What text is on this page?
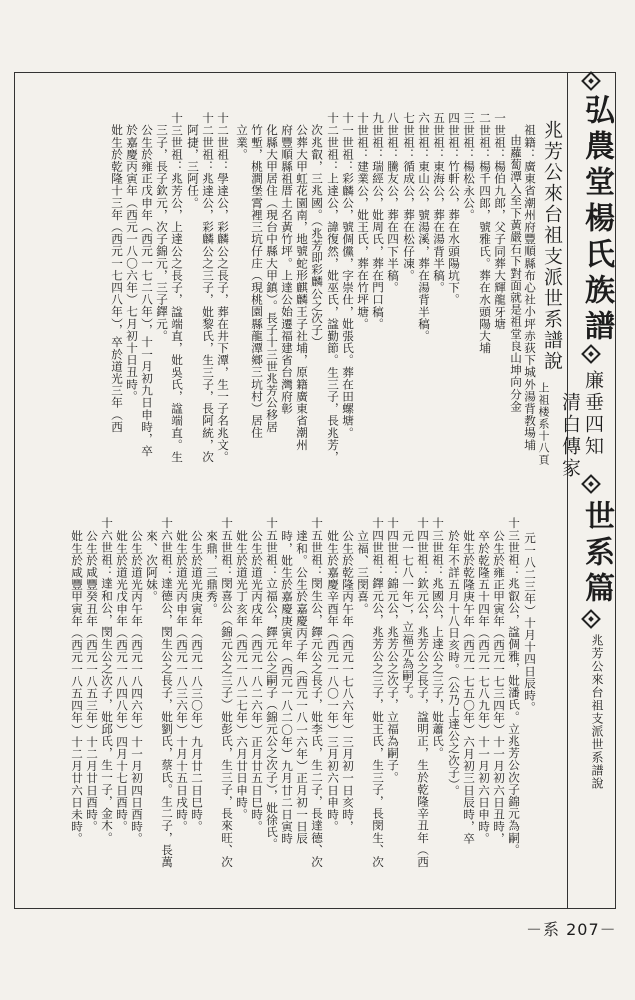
上祖楼系十八頁
兆芳公來台祖支派世系譜說
祖籍：廣東省潮州府豐順縣布心社小坪赤荻下城外湯背教場埔
由蘿蔔潭入至下黃嚴石下對面就是祖堂良山坤向分金
一世祖：楊伯九郎，父子同葬大輝龍牙塘
二世祖：楊千四郎，號雅氏。葬在水頭陽大埔
三世祖：楊松永公。
四世祖：竹軒公，葬在水頭陽坑下。
五世祖：東海公，葬在湯背半稿。
六世祖：東山公，號湯溪，葬在湯背半稿。
七世祖：循成公，葬在松仔凍。
八世祖：騰友公，葬在四下半稿。
九世祖：瑞經公，妣周氏，葬在門口稿。
十世祖：建業公，妣王氏，葬在竹坪塘。
十一世祖：彩麟公，號倜儻，字崇仕，妣張氏。葬在田螺塘。
十二世祖：上達公，諱復然，妣巫氏，諡勤節。生三子，長兆芳，
次兆叡，三兆國。（兆芳即彩麟公之次子）
公葬大甲虹花園南，地號蛇形麒麟王子社埔，原籍廣東省潮州
府豐順縣祖厝土名黃竹坪。上達公始遷福建省台灣府彰
化縣大甲居住（現台中縣大甲鎮）。長子十三世兆芳公移居
竹塹，桃澗堡霄裡三坑仔庄（現桃園縣龍潭鄉三坑村）居住
立業。
十二世祖：學達公，彩麟公之長子，葬在井下潭，生一子名兆文。
十二世祖：兆達公，彩麟公之三子，妣黎氏，生三子，長阿統，次
阿捷，三阿任。
十三世祖：兆芳公，上達公之長子，諡端直，妣吳氏，諡端直。生
三子，長子欽元，次子錦元，三子鐸元。
公生於雍正戊申年（西元一七二八年），十一月初九日申時，卒
於嘉慶丙寅年（西元一八〇六年）七月初十日丑時。
妣生於乾隆十三年（西元一七四八年），卒於道光三年（西
元一八二三年）十月十四日辰時。
十三世祖：兆叡公，諡倜雅，妣潘氏。立兆芳公次子錦元為嗣。
公生於雍正甲寅年（西元一七三四年）十一月初六日丑時，
卒於乾隆五十四年（西元一七八九年）十一月初六日申時。
妣生於乾隆庚午年（西元一七五〇年）六月初三日辰時，卒
於年不詳五月十八日亥時。（公乃上達公之次子）。
十三世祖：兆國公，上達公之三子，妣蕭氏。
十四世祖：欽元公，兆芳公之長子，諡明正，生於乾隆辛丑年（西
元一七八一年），立福元為嗣子。
十四世祖：錦元公，兆芳公之次子，立福為嗣子。
十四世祖：鐸元公，兆芳公之三子，妣王氏，生三子，長閔生、次
立福、三閔喜。
公生於乾隆丙午年（西元一七八六年）三月初一日亥時，
妣生於嘉慶辛酉年（西元一八〇一年）三月初六日申時。
十五世祖：閔生公，鐸元公之長子，妣李氏，生二子，長達德、次
達和。公生於嘉慶丙子年（西元一八一六年）正月初一日辰
時，妣生於嘉慶庚寅年（西元一八二〇年）九月廿二日寅時
十五世祖：立福公，鐸元公之嗣子（錦元公之次子），妣徐氏。
公生於道光丙戌年（西元一八二六年）正月廿五日巳時。
妣生於道光丁亥年（西元一八二七年）六月廿日申時。
十五世祖：閔喜公（錦元公之三子）妣彭氏，生三子，長來旺、次
來鼎，三鼎秀。
公生於道光庚寅年（西元一八三〇年）九月廿二日巳時。
妣生於道光丙申年（西元一八三六年）十月十五日戌時。
十六世祖：達德公，閔生公之長子，妣劉氏，蔡氏。生二子，長萬
來、次阿妹。
公生於道光丙午年（西元一八四六年）十一月初四日酉時。
妣生於道光戊申年（西元一八四八年）四月十七日酉時。
十六世祖：達和公，閔生公之次子，妣邱氏，生一子，金木。
公生於咸豐癸丑年（西元一八五三年）十二月廿日酉時。
妣生於咸豐甲寅年（西元一八五四年）十二月廿六日未時。
弘農堂楊氏族譜
廉垂四知
清白傳家
世系篇
兆芳公來台祖支派世系譜說
－系 207－
